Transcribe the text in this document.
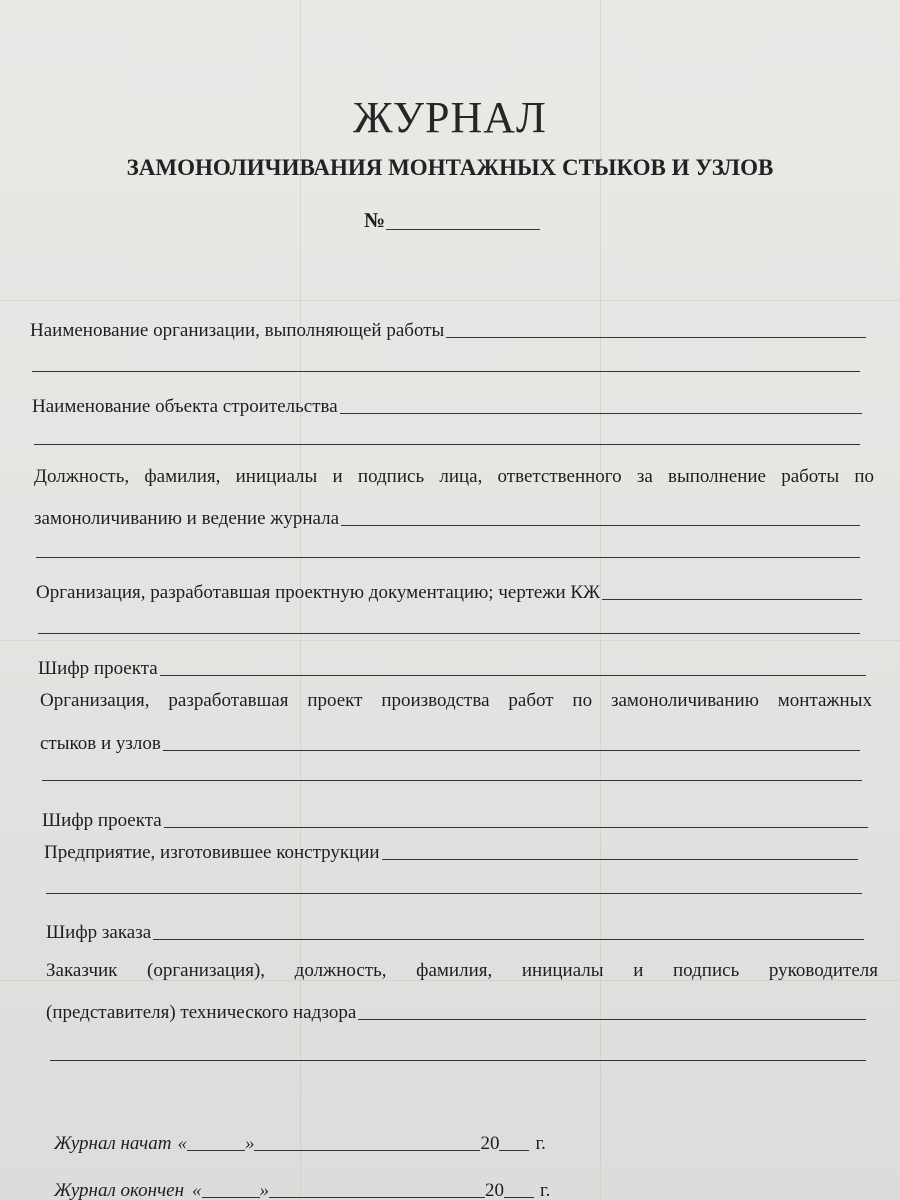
ЖУРНАЛ
ЗАМОНОЛИЧИВАНИЯ МОНТАЖНЫХ СТЫКОВ И УЗЛОВ
№
Наименование организации, выполняющей работы
Наименование объекта строительства
Должность, фамилия, инициалы и подпись лица, ответственного за выполнение работы по
замоноличиванию и ведение журнала
Организация, разработавшая проектную документацию; чертежи КЖ
Шифр проекта
Организация, разработавшая проект производства работ по замоноличиванию монтажных
стыков и узлов
Шифр проекта
Предприятие, изготовившее конструкции
Шифр заказа
Заказчик (организация), должность, фамилия, инициалы и подпись руководителя
(представителя) технического надзора
Журнал начат «	»	20 г.
Журнал окончен «	»	20 г.
